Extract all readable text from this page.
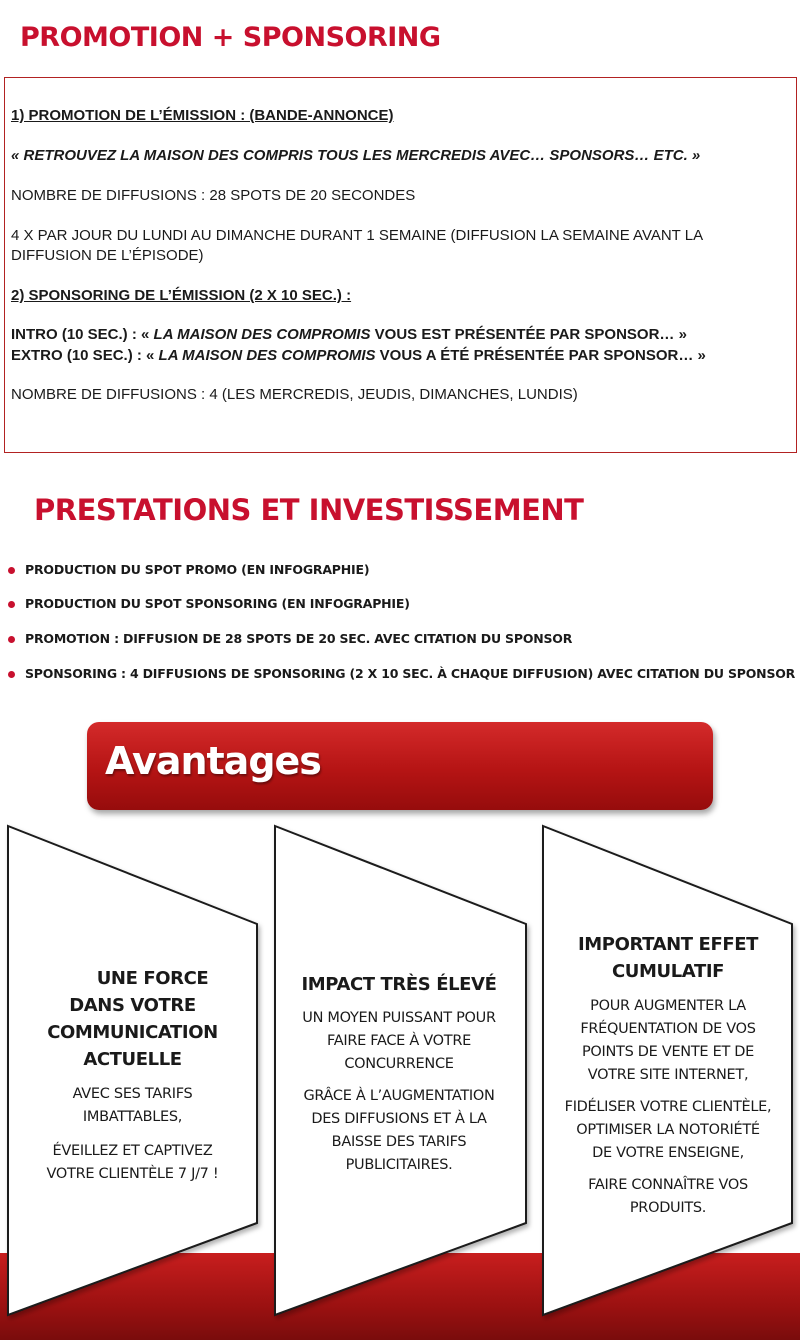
PROMOTION + SPONSORING
1) PROMOTION DE L’ÉMISSION : (BANDE-ANNONCE)
« RETROUVEZ LA MAISON DES COMPRIS TOUS LES MERCREDIS AVEC… SPONSORS… ETC. »
NOMBRE DE DIFFUSIONS : 28 SPOTS DE 20 SECONDES
4 X PAR JOUR DU LUNDI AU DIMANCHE DURANT 1 SEMAINE (DIFFUSION LA SEMAINE AVANT LA DIFFUSION DE L’ÉPISODE)
2) SPONSORING DE L’ÉMISSION (2 X 10 SEC.) :
INTRO (10 SEC.) : « LA MAISON DES COMPROMIS VOUS EST PRÉSENTÉE PAR SPONSOR… »
EXTRO (10 SEC.) : « LA MAISON DES COMPROMIS VOUS A ÉTÉ PRÉSENTÉE PAR SPONSOR… »
NOMBRE DE DIFFUSIONS : 4 (LES MERCREDIS, JEUDIS, DIMANCHES, LUNDIS)
PRESTATIONS ET INVESTISSEMENT
PRODUCTION DU SPOT PROMO (EN INFOGRAPHIE)
PRODUCTION DU SPOT SPONSORING (EN INFOGRAPHIE)
PROMOTION : DIFFUSION DE 28 SPOTS DE 20 SEC. AVEC CITATION DU SPONSOR
SPONSORING : 4 DIFFUSIONS DE SPONSORING (2 X 10 SEC. À CHAQUE DIFFUSION) AVEC CITATION DU SPONSOR
Avantages
UNE FORCE
DANS VOTRE
COMMUNICATION
ACTUELLE
AVEC SES TARIFS
IMBATTABLES,
ÉVEILLEZ ET CAPTIVEZ
VOTRE CLIENTÈLE 7 J/7 !
IMPACT TRÈS ÉLEVÉ
UN MOYEN PUISSANT POUR
FAIRE FACE À VOTRE
CONCURRENCE
GRÂCE À L’AUGMENTATION
DES DIFFUSIONS ET À LA
BAISSE DES TARIFS
PUBLICITAIRES.
IMPORTANT EFFET
CUMULATIF
POUR AUGMENTER LA
FRÉQUENTATION DE VOS
POINTS DE VENTE ET DE
VOTRE SITE INTERNET,
FIDÉLISER VOTRE CLIENTÈLE,
OPTIMISER LA NOTORIÉTÉ
DE VOTRE ENSEIGNE,
FAIRE CONNAÎTRE VOS
PRODUITS.
